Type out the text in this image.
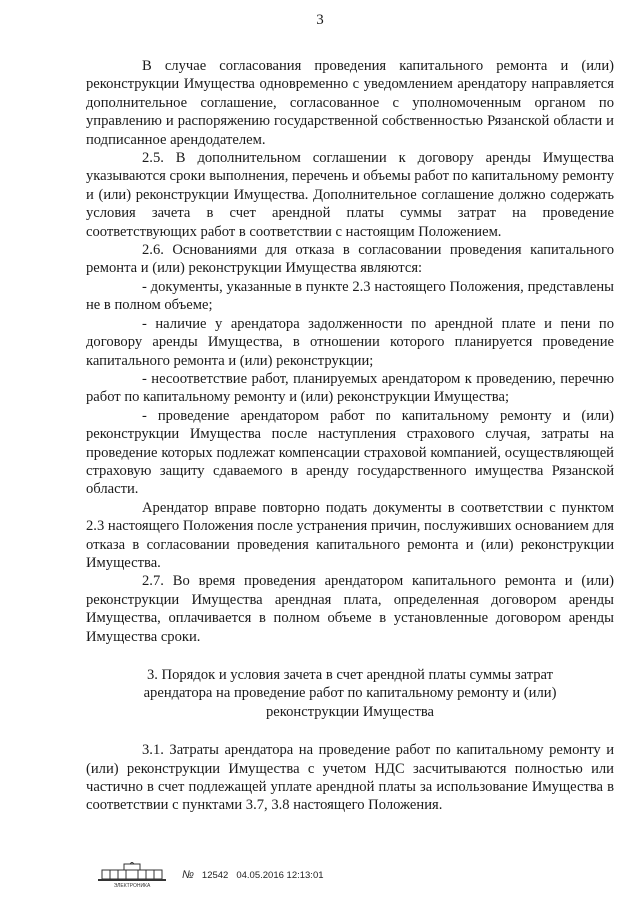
3

В случае согласования проведения капитального ремонта и (или) реконструкции Имущества одновременно с уведомлением арендатору направляется дополнительное соглашение, согласованное с уполномоченным органом по управлению и распоряжению государственной собственностью Рязанской области и подписанное арендодателем.

2.5. В дополнительном соглашении к договору аренды Имущества указываются сроки выполнения, перечень и объемы работ по капитальному ремонту и (или) реконструкции Имущества. Дополнительное соглашение должно содержать условия зачета в счет арендной платы суммы затрат на проведение соответствующих работ в соответствии с настоящим Положением.

2.6. Основаниями для отказа в согласовании проведения капитального ремонта и (или) реконструкции Имущества являются:

- документы, указанные в пункте 2.3 настоящего Положения, представлены не в полном объеме;

- наличие у арендатора задолженности по арендной плате и пени по договору аренды Имущества, в отношении которого планируется проведение капитального ремонта и (или) реконструкции;

- несоответствие работ, планируемых арендатором к проведению, перечню работ по капитальному ремонту и (или) реконструкции Имущества;

- проведение арендатором работ по капитальному ремонту и (или) реконструкции Имущества после наступления страхового случая, затраты на проведение которых подлежат компенсации страховой компанией, осуществляющей страховую защиту сдаваемого в аренду государственного имущества Рязанской области.

Арендатор вправе повторно подать документы в соответствии с пунктом 2.3 настоящего Положения после устранения причин, послуживших основанием для отказа в согласовании проведения капитального ремонта и (или) реконструкции Имущества.

2.7. Во время проведения арендатором капитального ремонта и (или) реконструкции Имущества арендная плата, определенная договором аренды Имущества, оплачивается в полном объеме в установленные договором аренды Имущества сроки.

3. Порядок и условия зачета в счет арендной платы суммы затрат арендатора на проведение работ по капитальному ремонту и (или) реконструкции Имущества

3.1. Затраты арендатора на проведение работ по капитальному ремонту и (или) реконструкции Имущества с учетом НДС засчитываются полностью или частично в счет подлежащей уплате арендной платы за использование Имущества в соответствии с пунктами 3.7, 3.8 настоящего Положения.

ЭЛЕКТРОНИКА
№ 12542 04.05.2016 12:13:01
